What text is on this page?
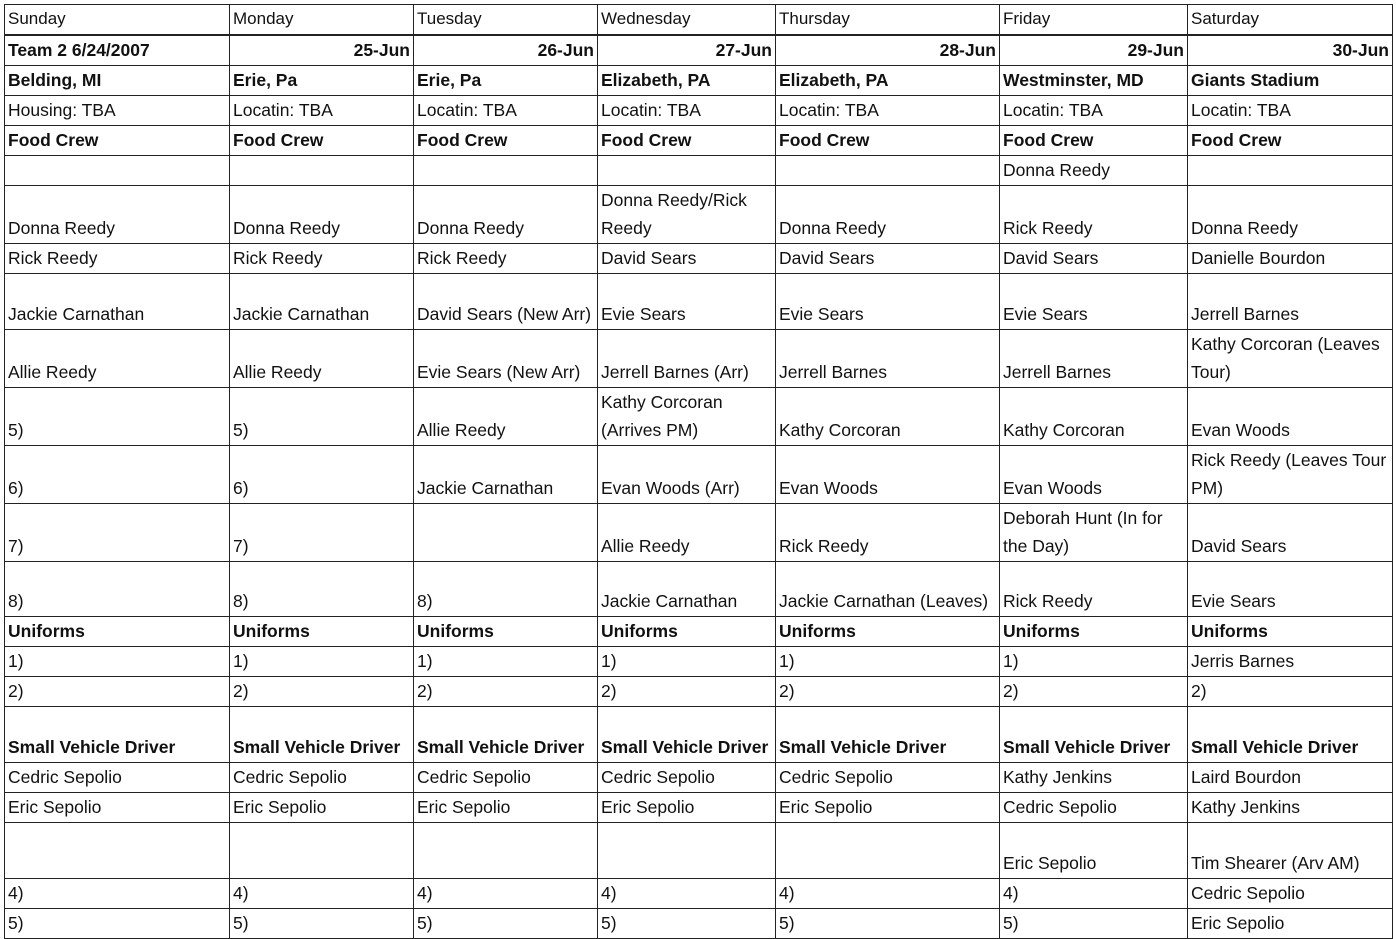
Sunday	Monday	Tuesday	Wednesday	Thursday	Friday	Saturday
Team 2 6/24/2007	25-Jun	26-Jun	27-Jun	28-Jun	29-Jun	30-Jun
Belding, MI	Erie, Pa	Erie, Pa	Elizabeth, PA	Elizabeth, PA	Westminster, MD	Giants Stadium
Housing: TBA	Locatin: TBA	Locatin: TBA	Locatin: TBA	Locatin: TBA	Locatin: TBA	Locatin: TBA
Food Crew	Food Crew	Food Crew	Food Crew	Food Crew	Food Crew	Food Crew
					Donna Reedy	
Donna Reedy	Donna Reedy	Donna Reedy	Donna Reedy/Rick Reedy	Donna Reedy	Rick Reedy	Donna Reedy
Rick Reedy	Rick Reedy	Rick Reedy	David Sears	David Sears	David Sears	Danielle Bourdon
Jackie Carnathan	Jackie Carnathan	David Sears (New Arr)	Evie Sears	Evie Sears	Evie Sears	Jerrell Barnes
Allie Reedy	Allie Reedy	Evie Sears (New Arr)	Jerrell Barnes (Arr)	Jerrell Barnes	Jerrell Barnes	Kathy Corcoran (Leaves Tour)
5)	5)	Allie Reedy	Kathy Corcoran (Arrives PM)	Kathy Corcoran	Kathy Corcoran	Evan Woods
6)	6)	Jackie Carnathan	Evan Woods (Arr)	Evan Woods	Evan Woods	Rick Reedy (Leaves Tour PM)
7)	7)		Allie Reedy	Rick Reedy	Deborah Hunt (In for the Day)	David Sears
8)	8)	8)	Jackie Carnathan	Jackie Carnathan (Leaves)	Rick Reedy	Evie Sears
Uniforms	Uniforms	Uniforms	Uniforms	Uniforms	Uniforms	Uniforms
1)	1)	1)	1)	1)	1)	Jerris Barnes
2)	2)	2)	2)	2)	2)	2)
Small Vehicle Driver	Small Vehicle Driver	Small Vehicle Driver	Small Vehicle Driver	Small Vehicle Driver	Small Vehicle Driver	Small Vehicle Driver
Cedric Sepolio	Cedric Sepolio	Cedric Sepolio	Cedric Sepolio	Cedric Sepolio	Kathy Jenkins	Laird Bourdon
Eric Sepolio	Eric Sepolio	Eric Sepolio	Eric Sepolio	Eric Sepolio	Cedric Sepolio	Kathy Jenkins
					Eric Sepolio	Tim Shearer (Arv AM)
4)	4)	4)	4)	4)	4)	Cedric Sepolio
5)	5)	5)	5)	5)	5)	Eric Sepolio
